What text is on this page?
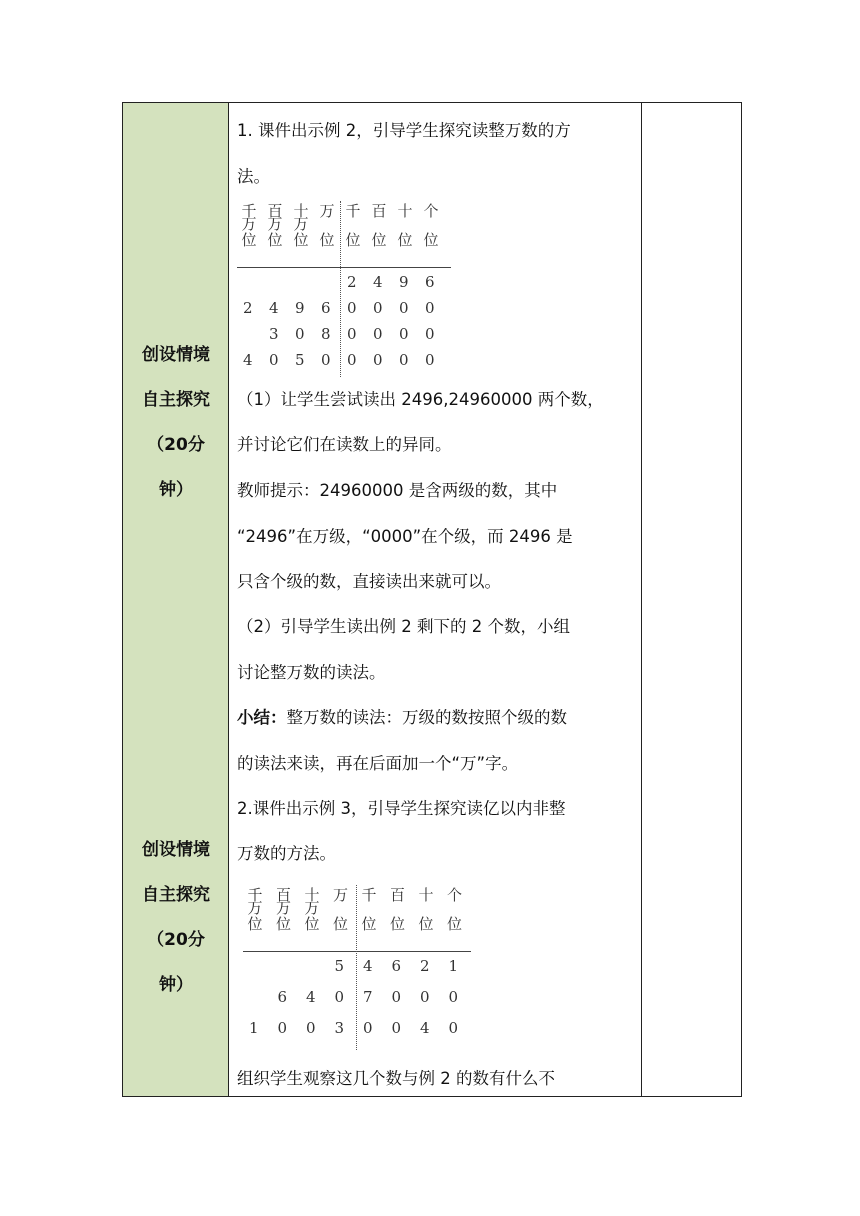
创设情境
自主探究
（20分
钟）
创设情境
自主探究
（20分
钟）
1. 课件出示例 2，引导学生探究读整万数的方
法。
千
万
位
百
万
位
十
万
位
万
位
千
位
百
位
十
位
个
位
2 4 9 6
2 4 9 6 0 0 0 0
3 0 8 0 0 0 0
4 0 5 0 0 0 0 0
（1）让学生尝试读出 2496,24960000 两个数，
并讨论它们在读数上的异同。
教师提示：24960000 是含两级的数，其中
“2496”在万级，“0000”在个级，而 2496 是
只含个级的数，直接读出来就可以。
（2）引导学生读出例 2 剩下的 2 个数，小组
讨论整万数的读法。
小结：整万数的读法：万级的数按照个级的数
的读法来读，再在后面加一个“万”字。
2.课件出示例 3，引导学生探究读亿以内非整
万数的方法。
千
万
位
百
万
位
十
万
位
万
位
千
位
百
位
十
位
个
位
5 4 6 2 1
6 4 0 7 0 0 0
1 0 0 3 0 0 4 0
组织学生观察这几个数与例 2 的数有什么不
